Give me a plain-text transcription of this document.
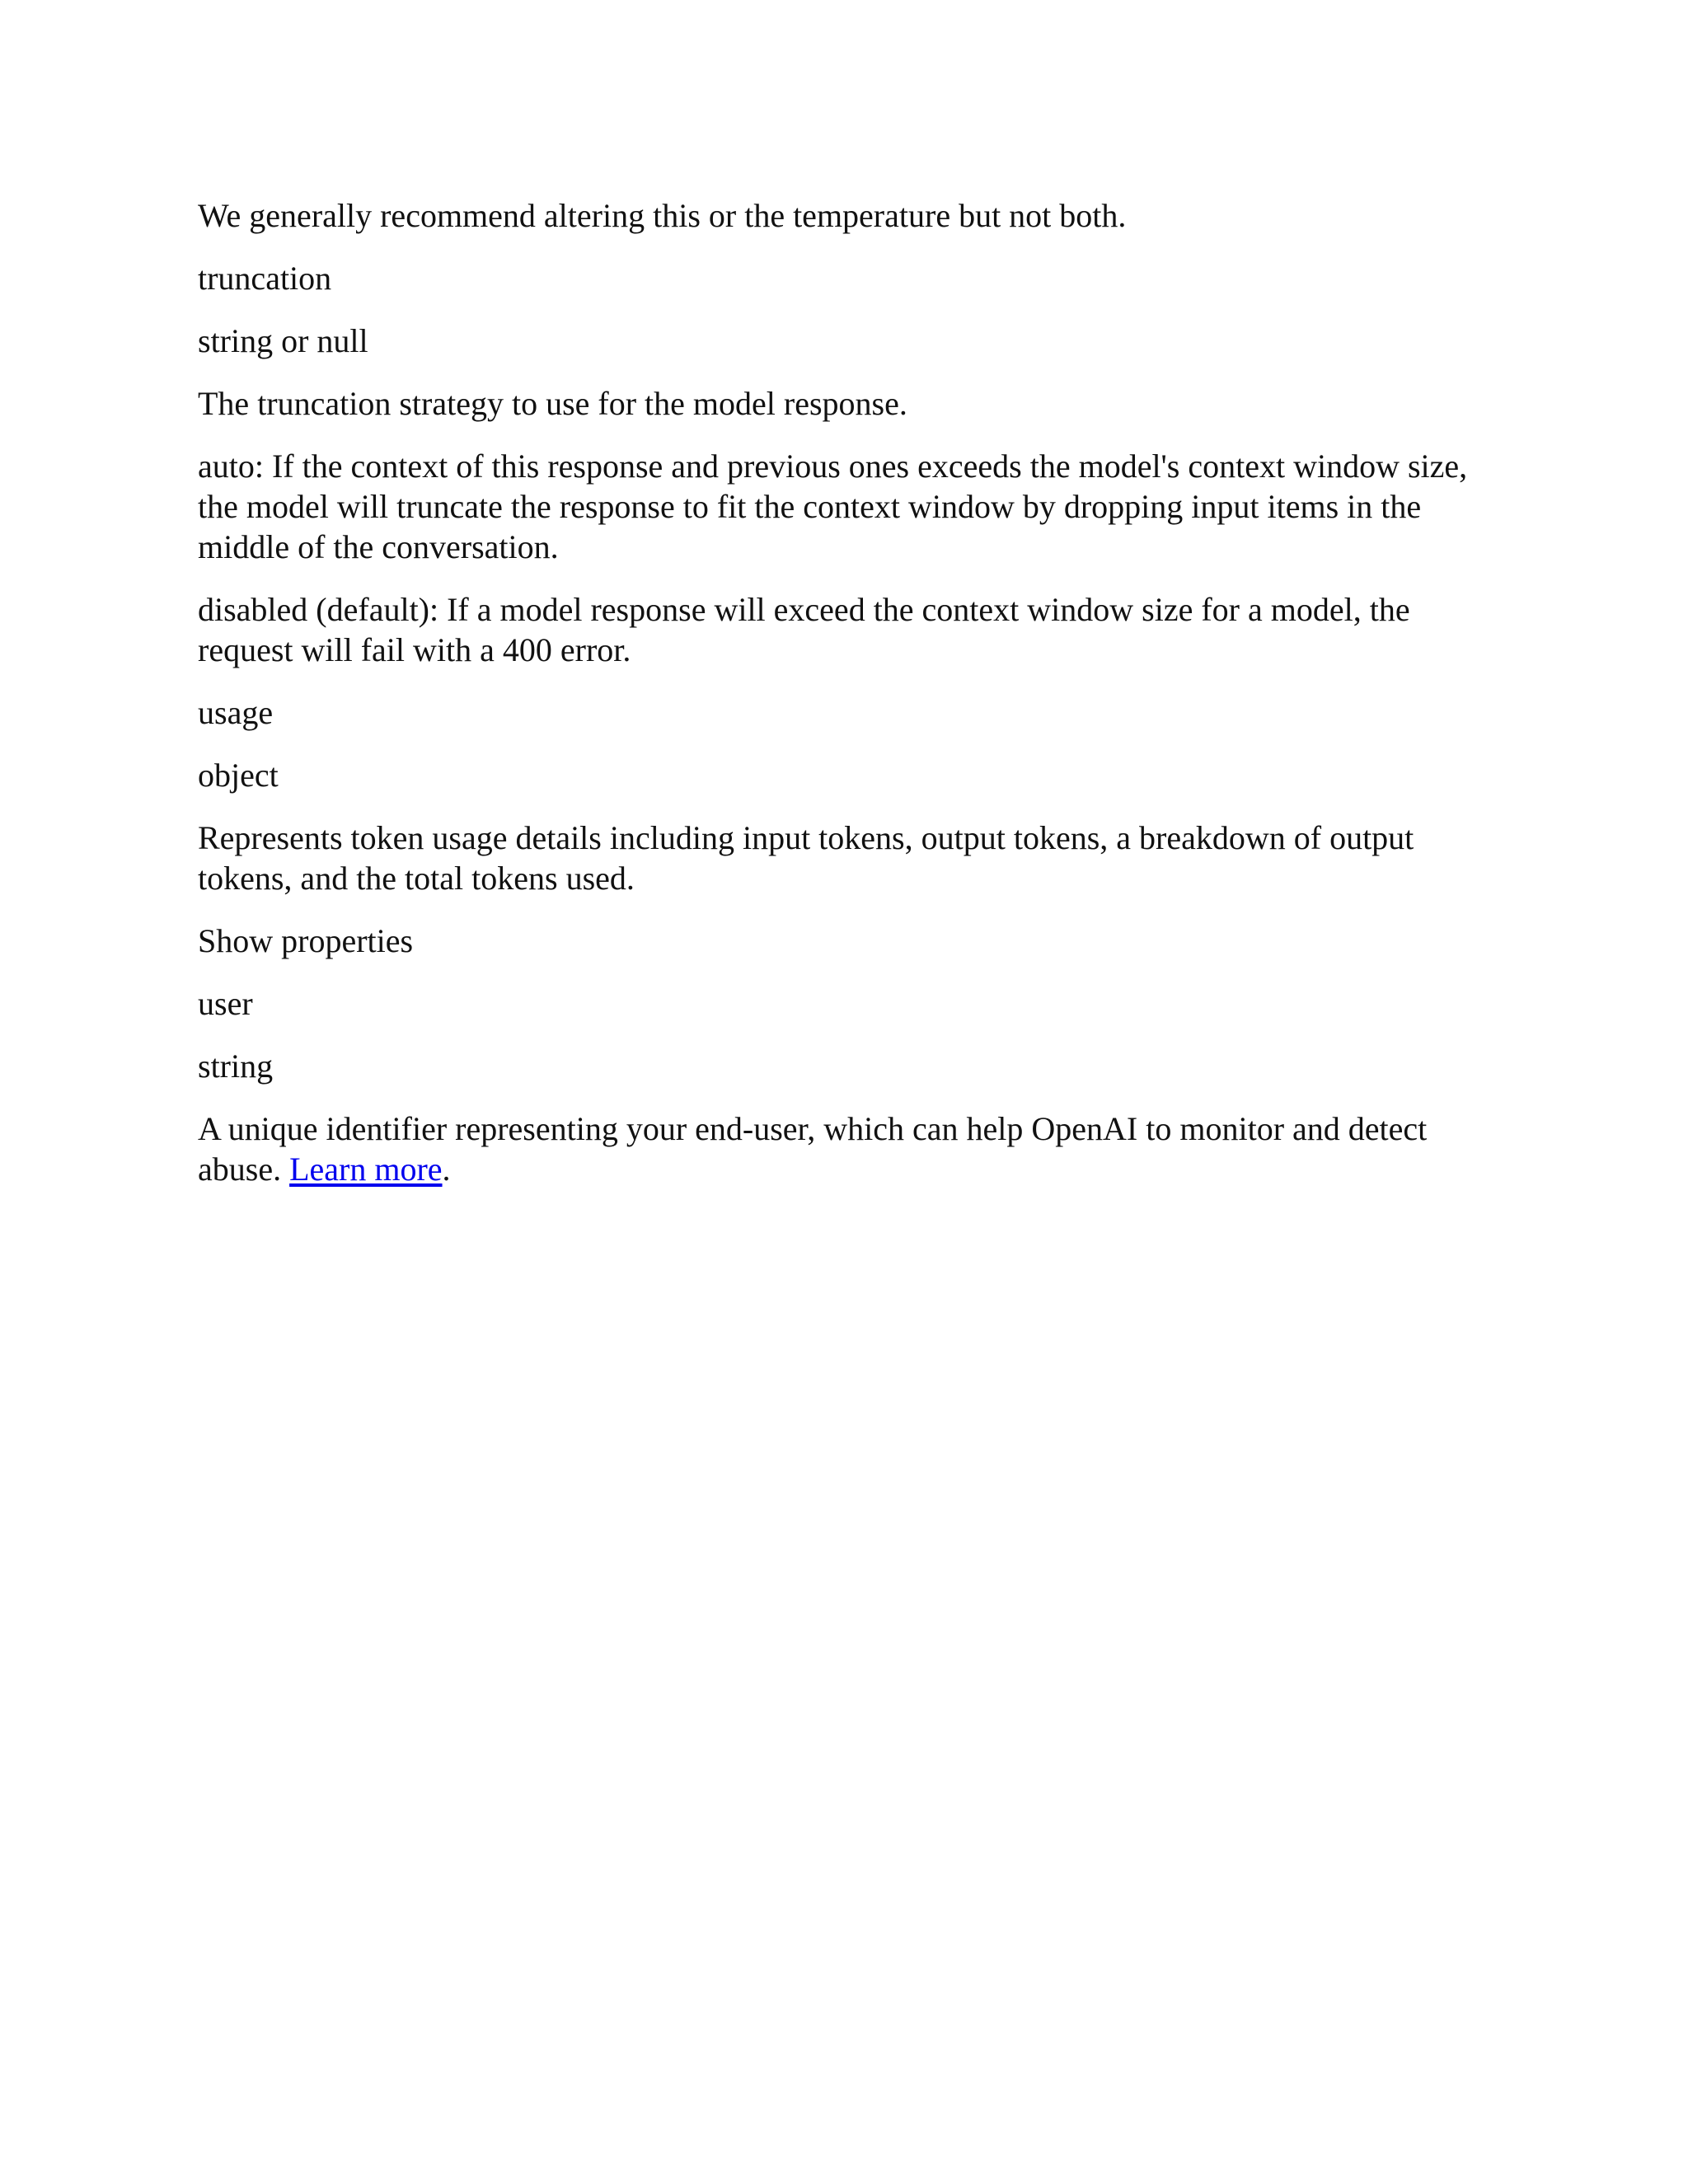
We generally recommend altering this or the temperature but not both.

truncation

string or null

The truncation strategy to use for the model response.

auto: If the context of this response and previous ones exceeds the model's context window size, the model will truncate the response to fit the context window by dropping input items in the middle of the conversation.

disabled (default): If a model response will exceed the context window size for a model, the request will fail with a 400 error.

usage

object

Represents token usage details including input tokens, output tokens, a breakdown of output tokens, and the total tokens used.

Show properties

user

string

A unique identifier representing your end-user, which can help OpenAI to monitor and detect abuse. Learn more.
